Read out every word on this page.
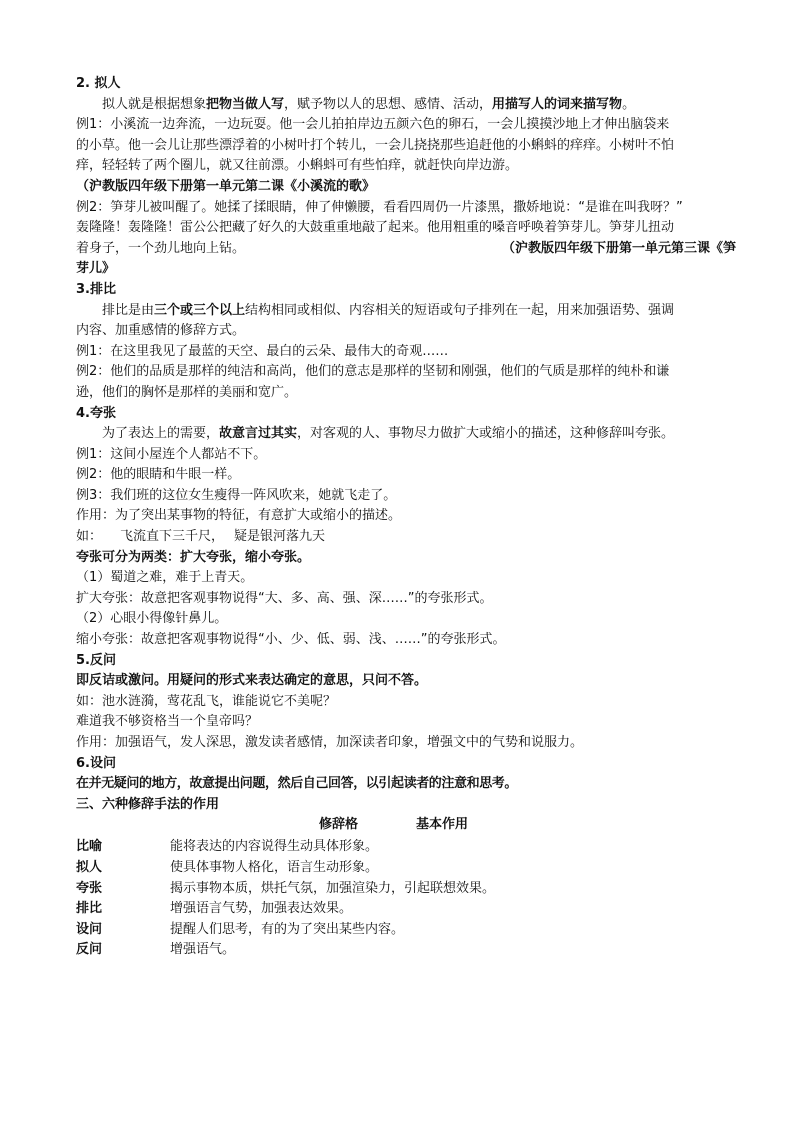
2. 拟人
拟人就是根据想象把物当做人写，赋予物以人的思想、感情、活动，用描写人的词来描写物。
例1：小溪流一边奔流，一边玩耍。他一会儿拍拍岸边五颜六色的卵石，一会儿摸摸沙地上才伸出脑袋来
的小草。他一会儿让那些漂浮着的小树叶打个转儿，一会儿挠挠那些追赶他的小蝌蚪的痒痒。小树叶不怕
痒，轻轻转了两个圈儿，就又往前漂。小蝌蚪可有些怕痒，就赶快向岸边游。
（沪教版四年级下册第一单元第二课《小溪流的歌》
例2：笋芽儿被叫醒了。她揉了揉眼睛，伸了伸懒腰，看看四周仍一片漆黑，撒娇地说：“是谁在叫我呀？”
轰隆隆！轰隆隆！雷公公把藏了好久的大鼓重重地敲了起来。他用粗重的嗓音呼唤着笋芽儿。笋芽儿扭动
着身子，一个劲儿地向上钻。	（沪教版四年级下册第一单元第三课《笋
芽儿》
3.排比
排比是由三个或三个以上结构相同或相似、内容相关的短语或句子排列在一起，用来加强语势、强调
内容、加重感情的修辞方式。
例1：在这里我见了最蓝的天空、最白的云朵、最伟大的奇观……
例2：他们的品质是那样的纯洁和高尚，他们的意志是那样的坚韧和刚强，他们的气质是那样的纯朴和谦
逊，他们的胸怀是那样的美丽和宽广。
4.夸张
为了表达上的需要，故意言过其实，对客观的人、事物尽力做扩大或缩小的描述，这种修辞叫夸张。
例1：这间小屋连个人都站不下。
例2：他的眼睛和牛眼一样。
例3：我们班的这位女生瘦得一阵风吹来，她就飞走了。
作用：为了突出某事物的特征，有意扩大或缩小的描述。
如： 飞流直下三千尺， 疑是银河落九天
夸张可分为两类：扩大夸张，缩小夸张。
（1）蜀道之难，难于上青天。
扩大夸张：故意把客观事物说得“大、多、高、强、深……”的夸张形式。
（2）心眼小得像针鼻儿。
缩小夸张：故意把客观事物说得“小、少、低、弱、浅、……”的夸张形式。
5.反问
即反诘或激问。用疑问的形式来表达确定的意思，只问不答。
如：池水涟漪，莺花乱飞，谁能说它不美呢？
难道我不够资格当一个皇帝吗？
作用：加强语气，发人深思，激发读者感情，加深读者印象，增强文中的气势和说服力。
6.设问
在并无疑问的地方，故意提出问题，然后自己回答，以引起读者的注意和思考。
三、六种修辞手法的作用
修辞格	基本作用
比喻	能将表达的内容说得生动具体形象。
拟人	使具体事物人格化，语言生动形象。
夸张	揭示事物本质，烘托气氛，加强渲染力，引起联想效果。
排比	增强语言气势，加强表达效果。
设问	提醒人们思考，有的为了突出某些内容。
反问	增强语气。
